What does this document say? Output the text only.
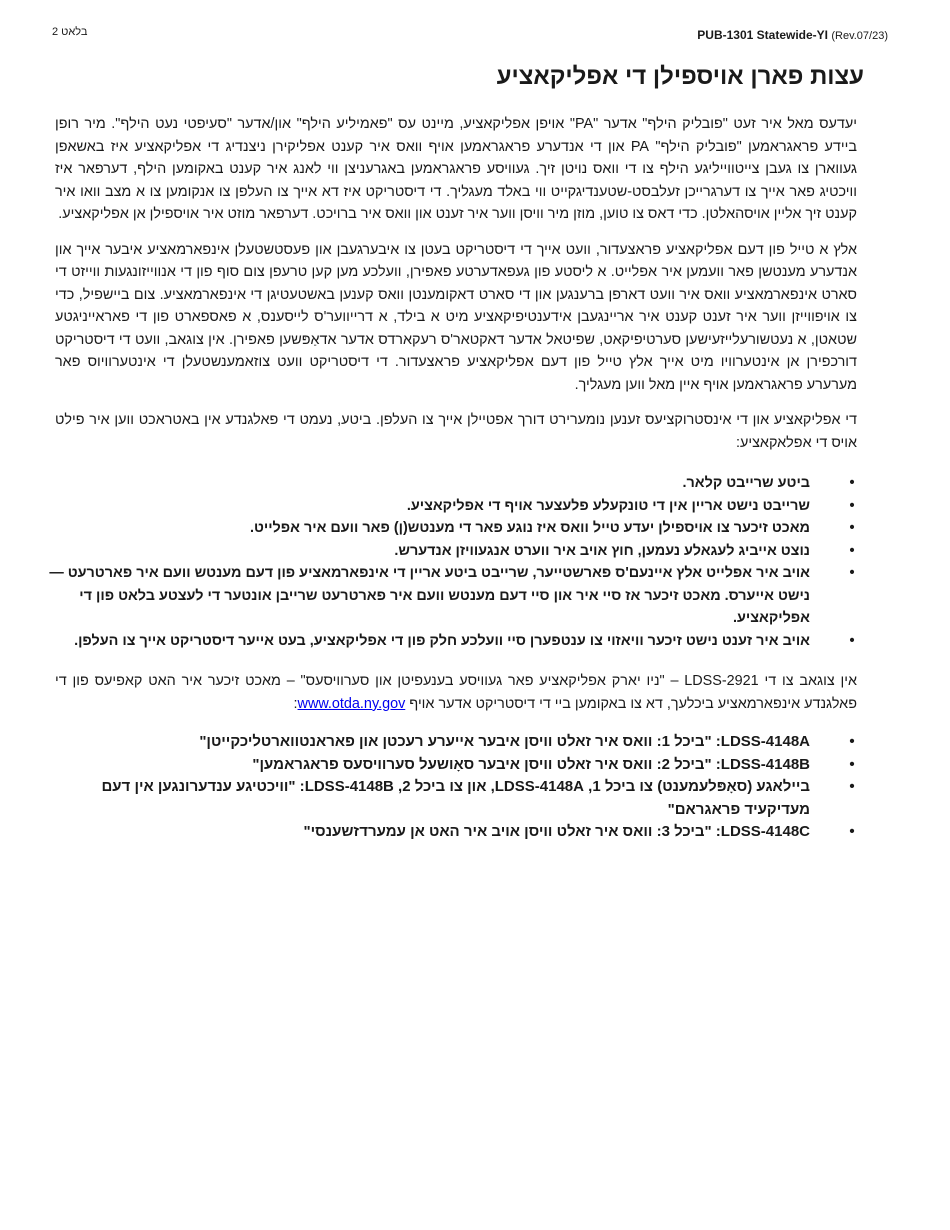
בלאט 2	PUB-1301 Statewide-YI (Rev.07/23)
עצות פארן אויספילן די אפליקאציע

יעדעס מאל איר זעט "פובליק הילף" אדער "PA" אויפן אפליקאציע, מיינט עס "פאמיליע הילף" און/אדער "סעיפטי נעט הילף". מיר רופן ביידע פראגראמען "פובליק הילף" PA און די אנדערע פראגראמען אויף וואס איר קענט אפליקירן ניצנדיג די אפליקאציע איז באשאפן געווארן צו געבן צייטווייליגע הילף צו די וואס נויטן זיך. געוויסע פראגראמען באגרעניצן ווי לאנג איר קענט באקומען הילף, דערפאר איז וויכטיג פאר אייך צו דערגרייכן זעלבסט-שטענדיגקייט ווי באלד מעגליך. די דיסטריקט איז דא אייך צו העלפן צו אנקומען צו א מצב וואו איר קענט זיך אליין אויסהאלטן. כדי דאס צו טוען, מוזן מיר וויסן ווער איר זענט און וואס איר ברויכט. דערפאר מוזט איר אויספילן אן אפליקאציע.

אלץ א טייל פון דעם אפליקאציע פראצעדור, וועט אייך די דיסטריקט בעטן צו איבערגעבן און פעסטשטעלן אינפארמאציע איבער אייך און אנדערע מענטשן פאר וועמען איר אפלייט. א ליסטע פון געפאדערטע פאפירן, וועלכע מען קען טרעפן צום סוף פון די אנווייזונגעות ווייזט די סארט אינפארמאציע וואס איר וועט דארפן ברענגען און די סארט דאקומענטן וואס קענען באשטעטיגן די אינפארמאציע. צום ביישפיל, כדי צו אויפווייזן ווער איר זענט קענט איר אריינגעבן אידענטיפיקאציע מיט א בילד, א דרייווער'ס לייסענס, א פאספארט פון די פאראייניגטע שטאטן, א נעטשורעלייזעישען סערטיפיקאט, שפיטאל אדער דאקטאר'ס רעקארדס אדער אדאַפּשען פאפירן. אין צוגאב, וועט די דיסטריקט דורכפירן אן אינטערוויו מיט אייך אלץ טייל פון דעם אפליקאציע פראצעדור. די דיסטריקט וועט צוזאמענשטעלן די אינטערוויוס פאר מערערע פראגראמען אויף איין מאל ווען מעגליך.

די אפליקאציע און די אינסטרוקציעס זענען נומערירט דורך אפטיילן אייך צו העלפן. ביטע, נעמט די פאלגנדע אין באטראכט ווען איר פילט אויס די אפלאקאציע:

•
ביטע שרייבט קלאר.
•
שרייבט נישט אריין אין די טונקעלע פלעצער אויף די אפליקאציע.
•
מאכט זיכער צו אויספילן יעדע טייל וואס איז נוגע פאר די מענטש(ן) פאר וועם איר אפלייט.
•
נוצט אייביג לעגאלע נעמען, חוץ אויב איר ווערט אנגעוויזן אנדערש.
•
אויב איר אפלייט אלץ איינעם'ס פארשטייער, שרייבט ביטע אריין די אינפארמאציע פון דעם מענטש וועם איר פארטרעט — נישט אייערס. מאכט זיכער אז סיי איר און סיי דעם מענטש וועם איר פארטרעט שרייבן אונטער די לעצטע בלאט פון די אפליקאציע.
•
אויב איר זענט נישט זיכער וויאזוי צו ענטפערן סיי וועלכע חלק פון די אפליקאציע, בעט אייער דיסטריקט אייך צו העלפן.

אין צוגאב צו די LDSS-2921 – "ניו יארק אפליקאציע פאר געוויסע בענעפיטן און סערוויסעס" – מאכט זיכער איר האט קאפיעס פון די פאלגנדע אינפארמאציע ביכלעך, דא צו באקומען ביי די דיסטריקט אדער אויף www.otda.ny.gov:

•
LDSS-4148A: "ביכל 1: וואס איר זאלט וויסן איבער אייערע רעכטן און פאראנטווארטליכקייטן"
•
LDSS-4148B: "ביכל 2: וואס איר זאלט וויסן איבער סאָושעל סערוויסעס פראגראמען"
•
ביילאגע (סאָפּלעמענט) צו ביכל 1, LDSS-4148A, און צו ביכל 2, LDSS-4148B: "וויכטיגע ענדערונגען אין דעם מעדיקעיד פראגראם"
•
LDSS-4148C: "ביכל 3: וואס איר זאלט וויסן אויב איר האט אן עמערדזשענסי"
